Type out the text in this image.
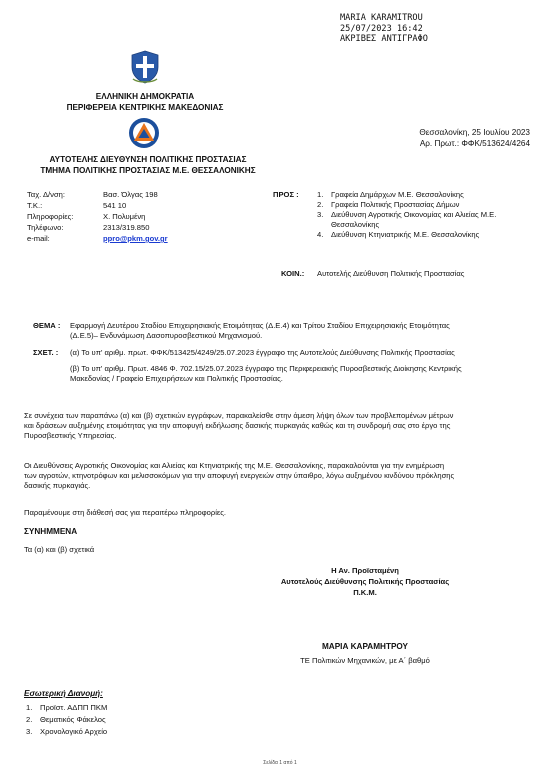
MARIA KARAMITROU
25/07/2023 16:42
ΑΚΡΙΒΕΣ ΑΝΤΙΓΡΑΦΟ
ΕΛΛΗΝΙΚΗ ΔΗΜΟΚΡΑΤΙΑ
ΠΕΡΙΦΕΡΕΙΑ ΚΕΝΤΡΙΚΗΣ ΜΑΚΕΔΟΝΙΑΣ
ΑΥΤΟΤΕΛΗΣ ΔΙΕΥΘΥΝΣΗ ΠΟΛΙΤΙΚΗΣ ΠΡΟΣΤΑΣΙΑΣ
ΤΜΗΜΑ ΠΟΛΙΤΙΚΗΣ ΠΡΟΣΤΑΣΙΑΣ Μ.Ε. ΘΕΣΣΑΛΟΝΙΚΗΣ
Θεσσαλονίκη, 25 Ιουλίου 2023
Αρ. Πρωτ.: ΦΦΚ/513624/4264
Ταχ. Δ/νση:	Βασ. Όλγας 198
Τ.Κ.:	541 10
Πληροφορίες:	Χ. Πολυμένη
Τηλέφωνο:	2313/319.850
e-mail:	ppro@pkm.gov.gr
ΠΡΟΣ :	1. Γραφεία Δημάρχων Μ.Ε. Θεσσαλονίκης
2. Γραφεία Πολιτικής Προστασίας Δήμων
3. Διεύθυνση Αγροτικής Οικονομίας και Αλιείας Μ.Ε.
Θεσσαλονίκης
4. Διεύθυνση Κτηνιατρικής Μ.Ε. Θεσσαλονίκης
ΚΟΙΝ.:	Αυτοτελής Διεύθυνση Πολιτικής Προστασίας
ΘΕΜΑ :	Εφαρμογή Δευτέρου Σταδίου Επιχειρησιακής Ετοιμότητας (Δ.Ε.4) και Τρίτου Σταδίου Επιχειρησιακής Ετοιμότητας
(Δ.Ε.5)– Ενδυνάμωση Δασοπυροσβεστικού Μηχανισμού.
ΣΧΕΤ. :	(α) Το υπ' αριθμ. πρωτ. ΦΦΚ/513425/4249/25.07.2023 έγγραφο της Αυτοτελούς Διεύθυνσης Πολιτικής Προστασίας
(β) Το υπ' αριθμ. Πρωτ. 4846 Φ. 702.15/25.07.2023 έγγραφο της Περιφερειακής Πυροσβεστικής Διοίκησης Κεντρικής
Μακεδονίας / Γραφείο Επιχειρήσεων και Πολιτικής Προστασίας.
Σε συνέχεια των παραπάνω (α) και (β) σχετικών εγγράφων, παρακαλείσθε στην άμεση λήψη όλων των προβλεπομένων μέτρων
και δράσεων αυξημένης ετοιμότητας για την αποφυγή εκδήλωσης δασικής πυρκαγιάς καθώς και τη συνδρομή σας στο έργο της
Πυροσβεστικής Υπηρεσίας.
Οι Διευθύνσεις Αγροτικής Οικονομίας και Αλιείας και Κτηνιατρικής της Μ.Ε. Θεσσαλονίκης, παρακαλούνται για την ενημέρωση
των αγροτών, κτηνοτρόφων και μελισσοκόμων για την αποφυγή ενεργειών στην ύπαιθρο, λόγω αυξημένου κινδύνου πρόκλησης
δασικής πυρκαγιάς.
Παραμένουμε στη διάθεσή σας για περαιτέρω πληροφορίες.
ΣΥΝΗΜΜΕΝΑ
Τα (α) και (β) σχετικά
Η Αν. Προϊσταμένη
Αυτοτελούς Διεύθυνσης Πολιτικής Προστασίας
Π.Κ.Μ.
ΜΑΡΙΑ ΚΑΡΑΜΗΤΡΟΥ
ΤΕ Πολιτικών Μηχανικών, με Α΄ βαθμό
Εσωτερική Διανομή:
1. Προϊστ. ΑΔΠΠ ΠΚΜ
2. Θεματικός Φάκελος
3. Χρονολογικό Αρχείο
Σελίδα 1 από 1
